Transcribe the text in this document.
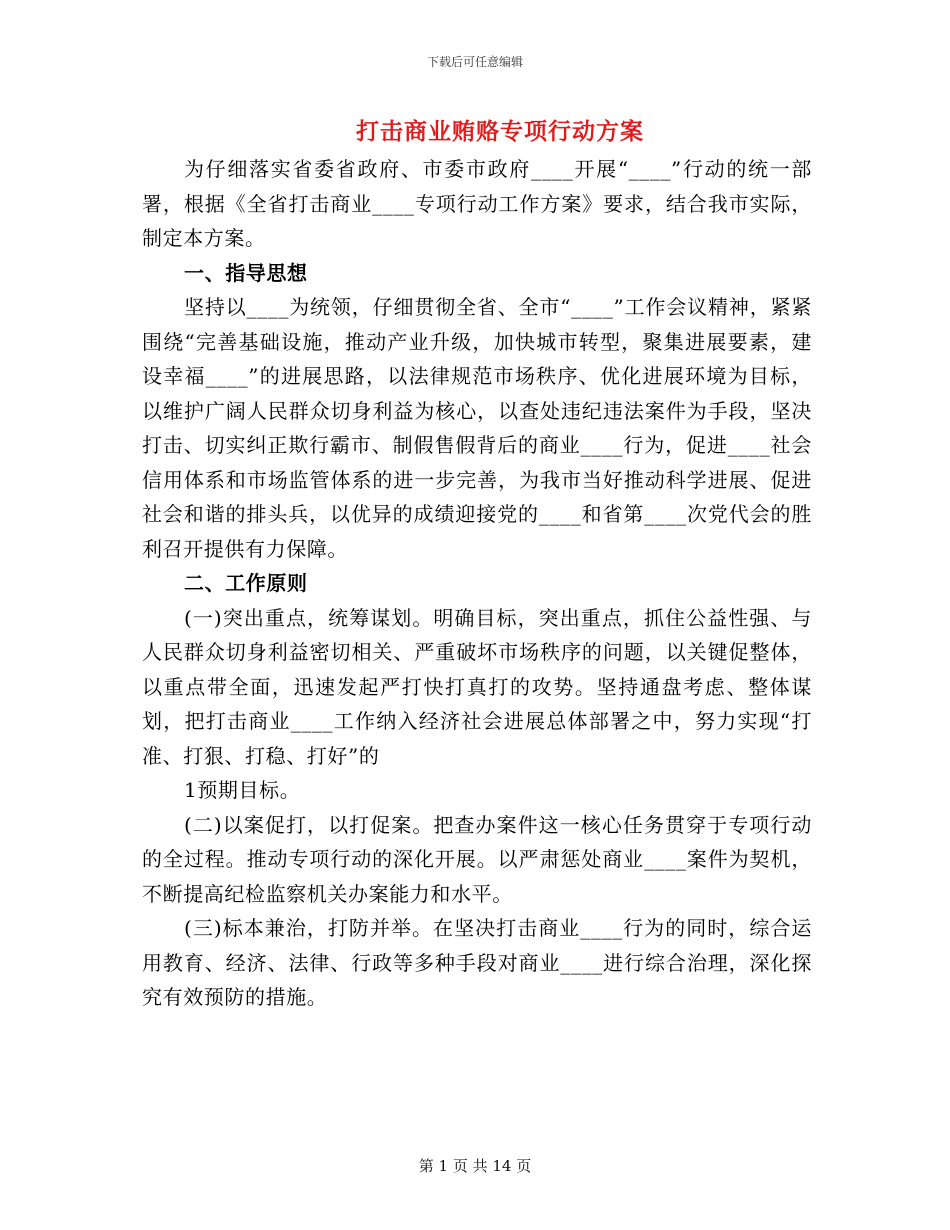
下载后可任意编辑
打击商业贿赂专项行动方案

为仔细落实省委省政府、市委市政府____开展“____”行动的统一部署，根据《全省打击商业____专项行动工作方案》要求，结合我市实际，制定本方案。

一、指导思想

坚持以____为统领，仔细贯彻全省、全市“____”工作会议精神，紧紧围绕“完善基础设施，推动产业升级，加快城市转型，聚集进展要素，建设幸福____”的进展思路，以法律规范市场秩序、优化进展环境为目标，以维护广阔人民群众切身利益为核心，以查处违纪违法案件为手段，坚决打击、切实纠正欺行霸市、制假售假背后的商业____行为，促进____社会信用体系和市场监管体系的进一步完善，为我市当好推动科学进展、促进社会和谐的排头兵，以优异的成绩迎接党的____和省第____次党代会的胜利召开提供有力保障。

二、工作原则

(一)突出重点，统筹谋划。明确目标，突出重点，抓住公益性强、与人民群众切身利益密切相关、严重破坏市场秩序的问题，以关键促整体，以重点带全面，迅速发起严打快打真打的攻势。坚持通盘考虑、整体谋划，把打击商业____工作纳入经济社会进展总体部署之中，努力实现“打准、打狠、打稳、打好”的

1预期目标。

(二)以案促打，以打促案。把查办案件这一核心任务贯穿于专项行动的全过程。推动专项行动的深化开展。以严肃惩处商业____案件为契机，不断提高纪检监察机关办案能力和水平。

(三)标本兼治，打防并举。在坚决打击商业____行为的同时，综合运用教育、经济、法律、行政等多种手段对商业____进行综合治理，深化探究有效预防的措施。

第 1 页 共 14 页
